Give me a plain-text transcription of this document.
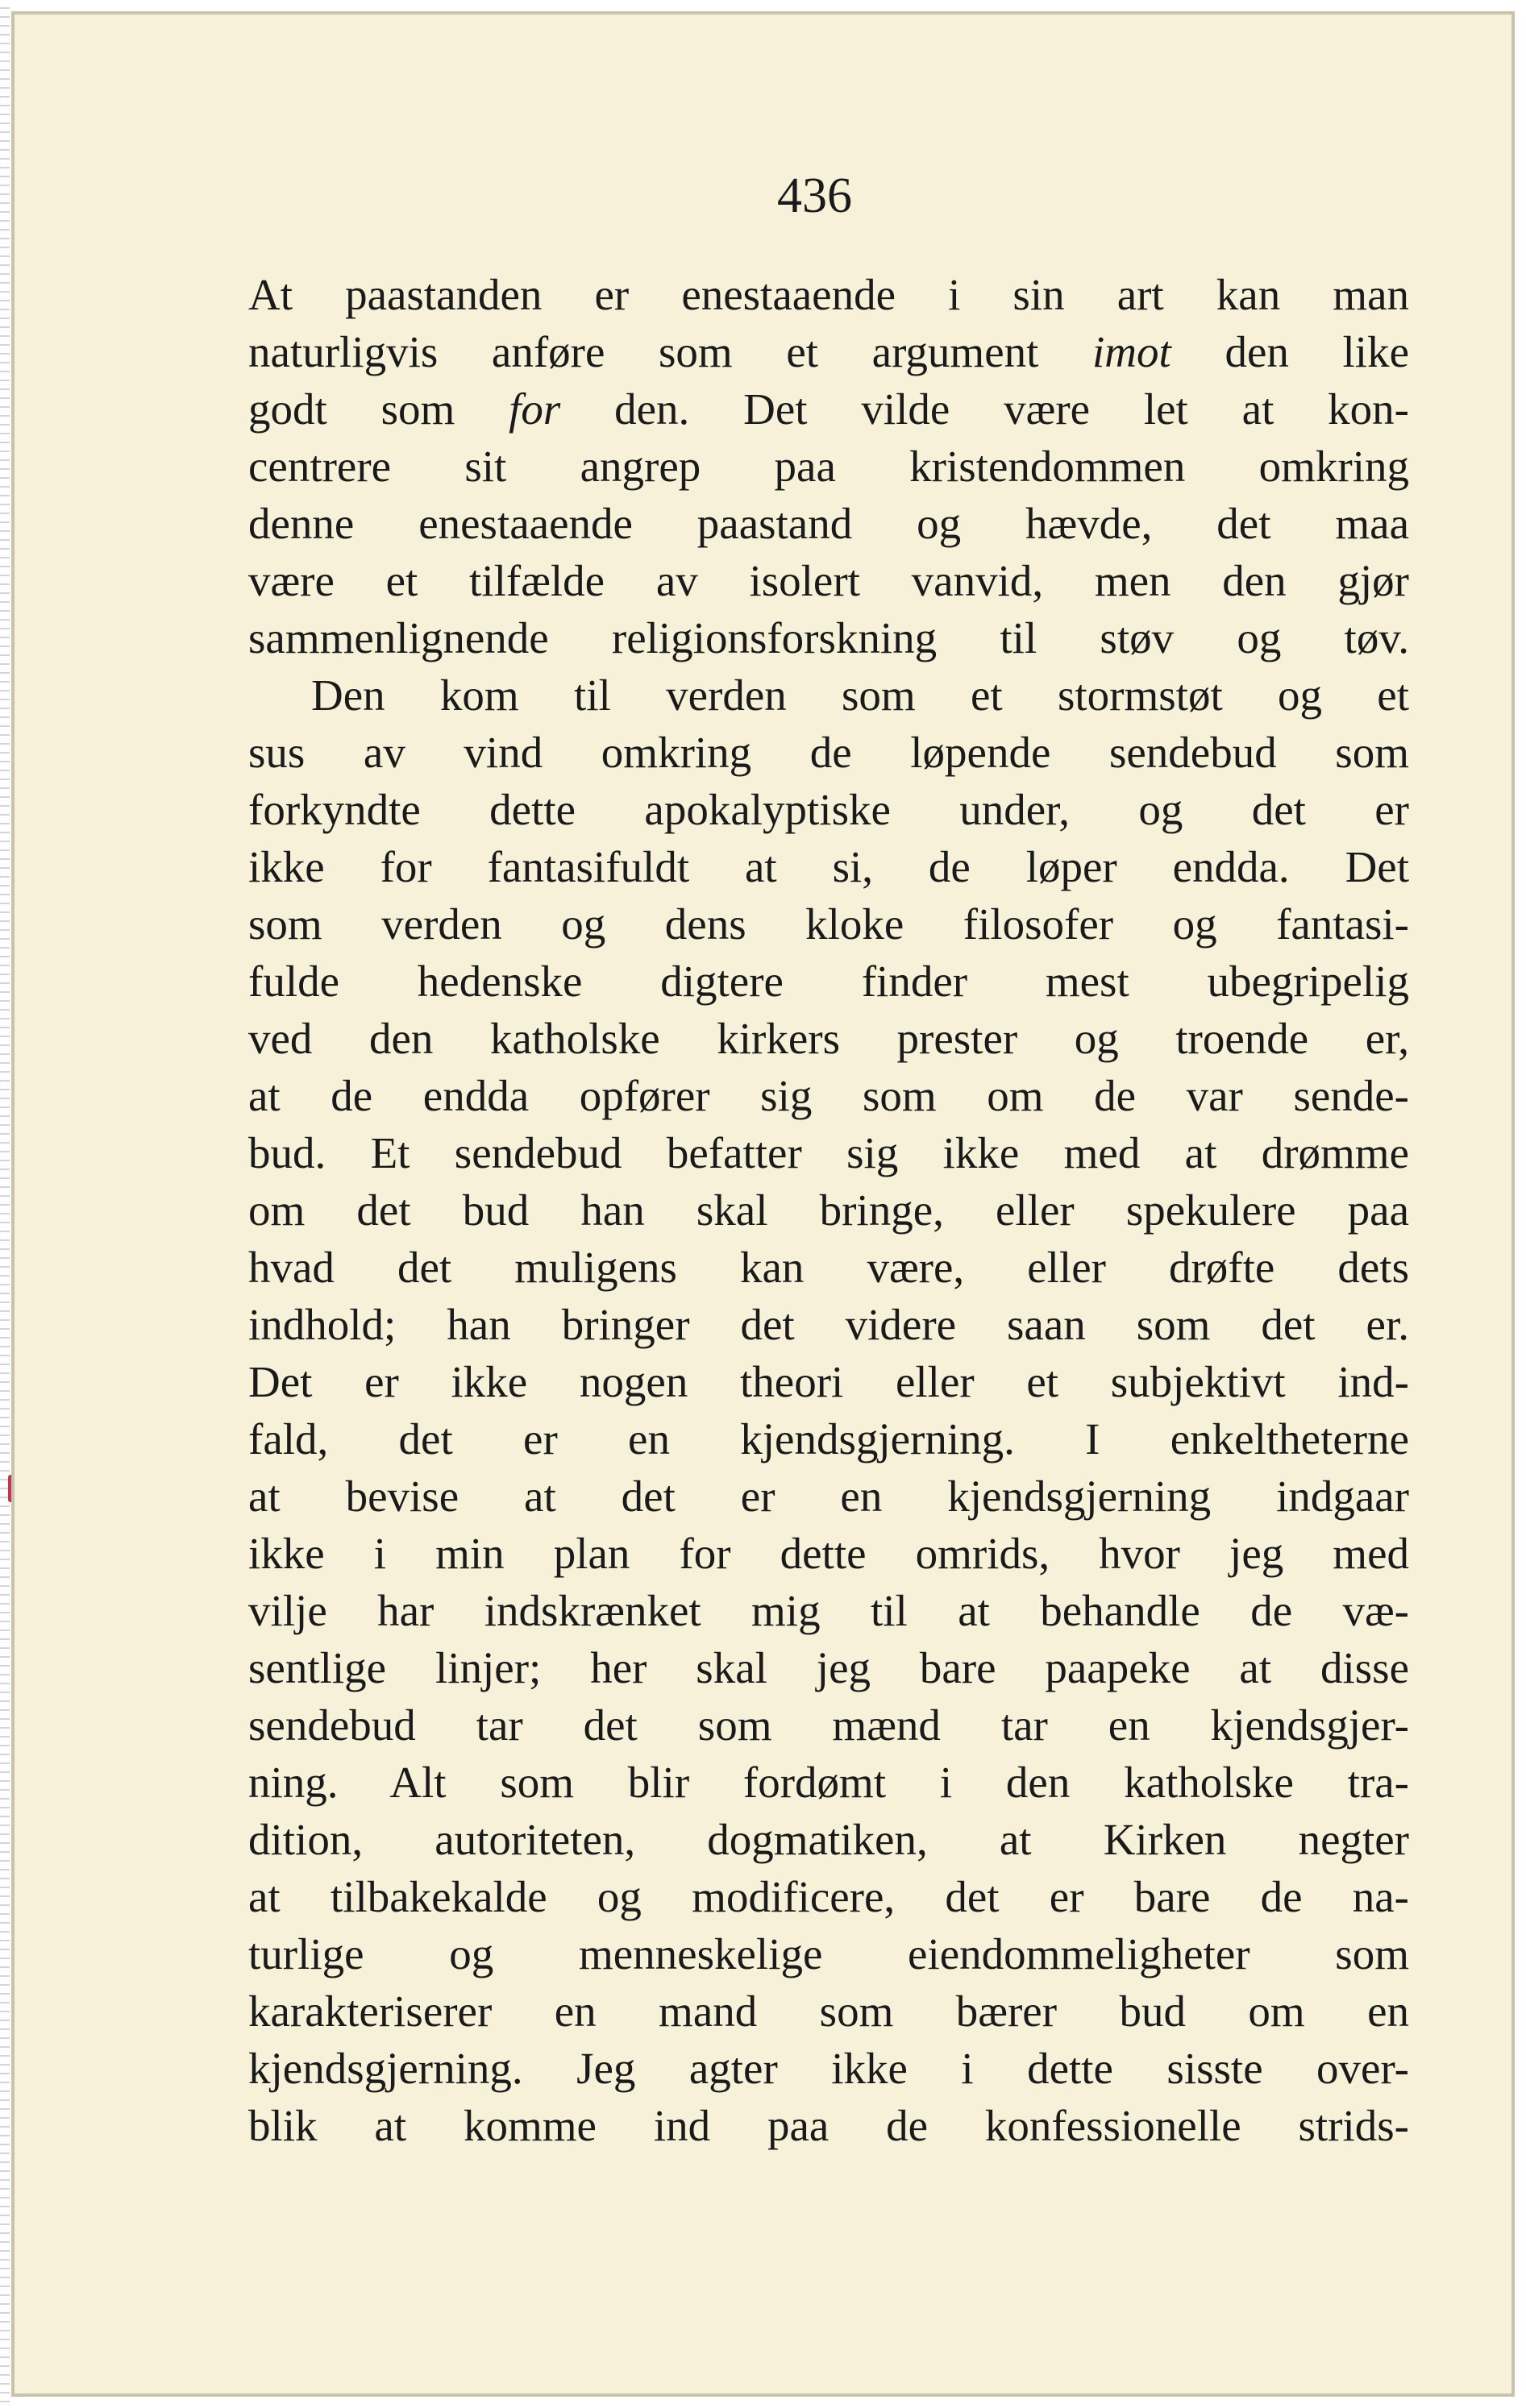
436
At paastanden er enestaaende i sin art kan man
naturligvis anføre som et argument imot den like
godt som for den. Det vilde være let at kon-
centrere sit angrep paa kristendommen omkring
denne enestaaende paastand og hævde, det maa
være et tilfælde av isolert vanvid, men den gjør
sammenlignende religionsforskning til støv og tøv.
Den kom til verden som et stormstøt og et
sus av vind omkring de løpende sendebud som
forkyndte dette apokalyptiske under, og det er
ikke for fantasifuldt at si, de løper endda. Det
som verden og dens kloke filosofer og fantasi-
fulde hedenske digtere finder mest ubegripelig
ved den katholske kirkers prester og troende er,
at de endda opfører sig som om de var sende-
bud. Et sendebud befatter sig ikke med at drømme
om det bud han skal bringe, eller spekulere paa
hvad det muligens kan være, eller drøfte dets
indhold; han bringer det videre saan som det er.
Det er ikke nogen theori eller et subjektivt ind-
fald, det er en kjendsgjerning. I enkeltheterne
at bevise at det er en kjendsgjerning indgaar
ikke i min plan for dette omrids, hvor jeg med
vilje har indskrænket mig til at behandle de væ-
sentlige linjer; her skal jeg bare paapeke at disse
sendebud tar det som mænd tar en kjendsgjer-
ning. Alt som blir fordømt i den katholske tra-
dition, autoriteten, dogmatiken, at Kirken negter
at tilbakekalde og modificere, det er bare de na-
turlige og menneskelige eiendommeligheter som
karakteriserer en mand som bærer bud om en
kjendsgjerning. Jeg agter ikke i dette sisste over-
blik at komme ind paa de konfessionelle strids-
